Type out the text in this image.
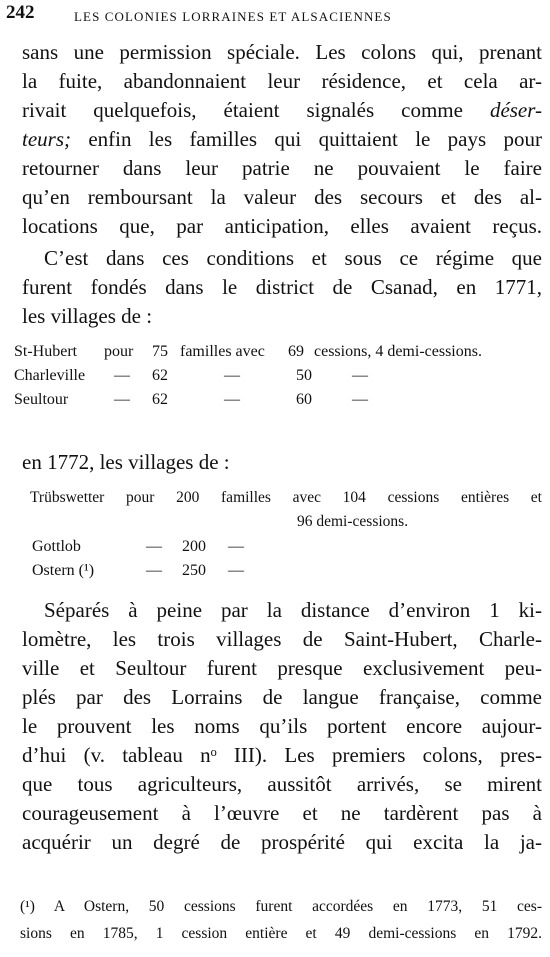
242	LES COLONIES LORRAINES ET ALSACIENNES
sans une permission spéciale. Les colons qui, prenant
la fuite, abandonnaient leur résidence, et cela ar-
rivait quelquefois, étaient signalés comme déser-
teurs; enfin les familles qui quittaient le pays pour
retourner dans leur patrie ne pouvaient le faire
qu’en remboursant la valeur des secours et des al-
locations que, par anticipation, elles avaient reçus.
C’est dans ces conditions et sous ce régime que
furent fondés dans le district de Csanad, en 1771,
les villages de :
St-Hubert pour 75 familles avec 69 cessions, 4 demi-cessions.
Charleville — 62	—	50	—
Seultour	— 62	—	60	—
en 1772, les villages de :
Trübswetter pour 200 familles avec 104 cessions entières et
96 demi-cessions.
Gottlob	— 200 —
Ostern (¹)	— 250 —
Séparés à peine par la distance d’environ 1 ki-
lomètre, les trois villages de Saint-Hubert, Charle-
ville et Seultour furent presque exclusivement peu-
plés par des Lorrains de langue française, comme
le prouvent les noms qu’ils portent encore aujour-
d’hui (v. tableau nᵒ III). Les premiers colons, pres-
que tous agriculteurs, aussitôt arrivés, se mirent
courageusement à l’œuvre et ne tardèrent pas à
acquérir un degré de prospérité qui excita la ja-
(¹) A Ostern, 50 cessions furent accordées en 1773, 51 ces-
sions en 1785, 1 cession entière et 49 demi-cessions en 1792.
